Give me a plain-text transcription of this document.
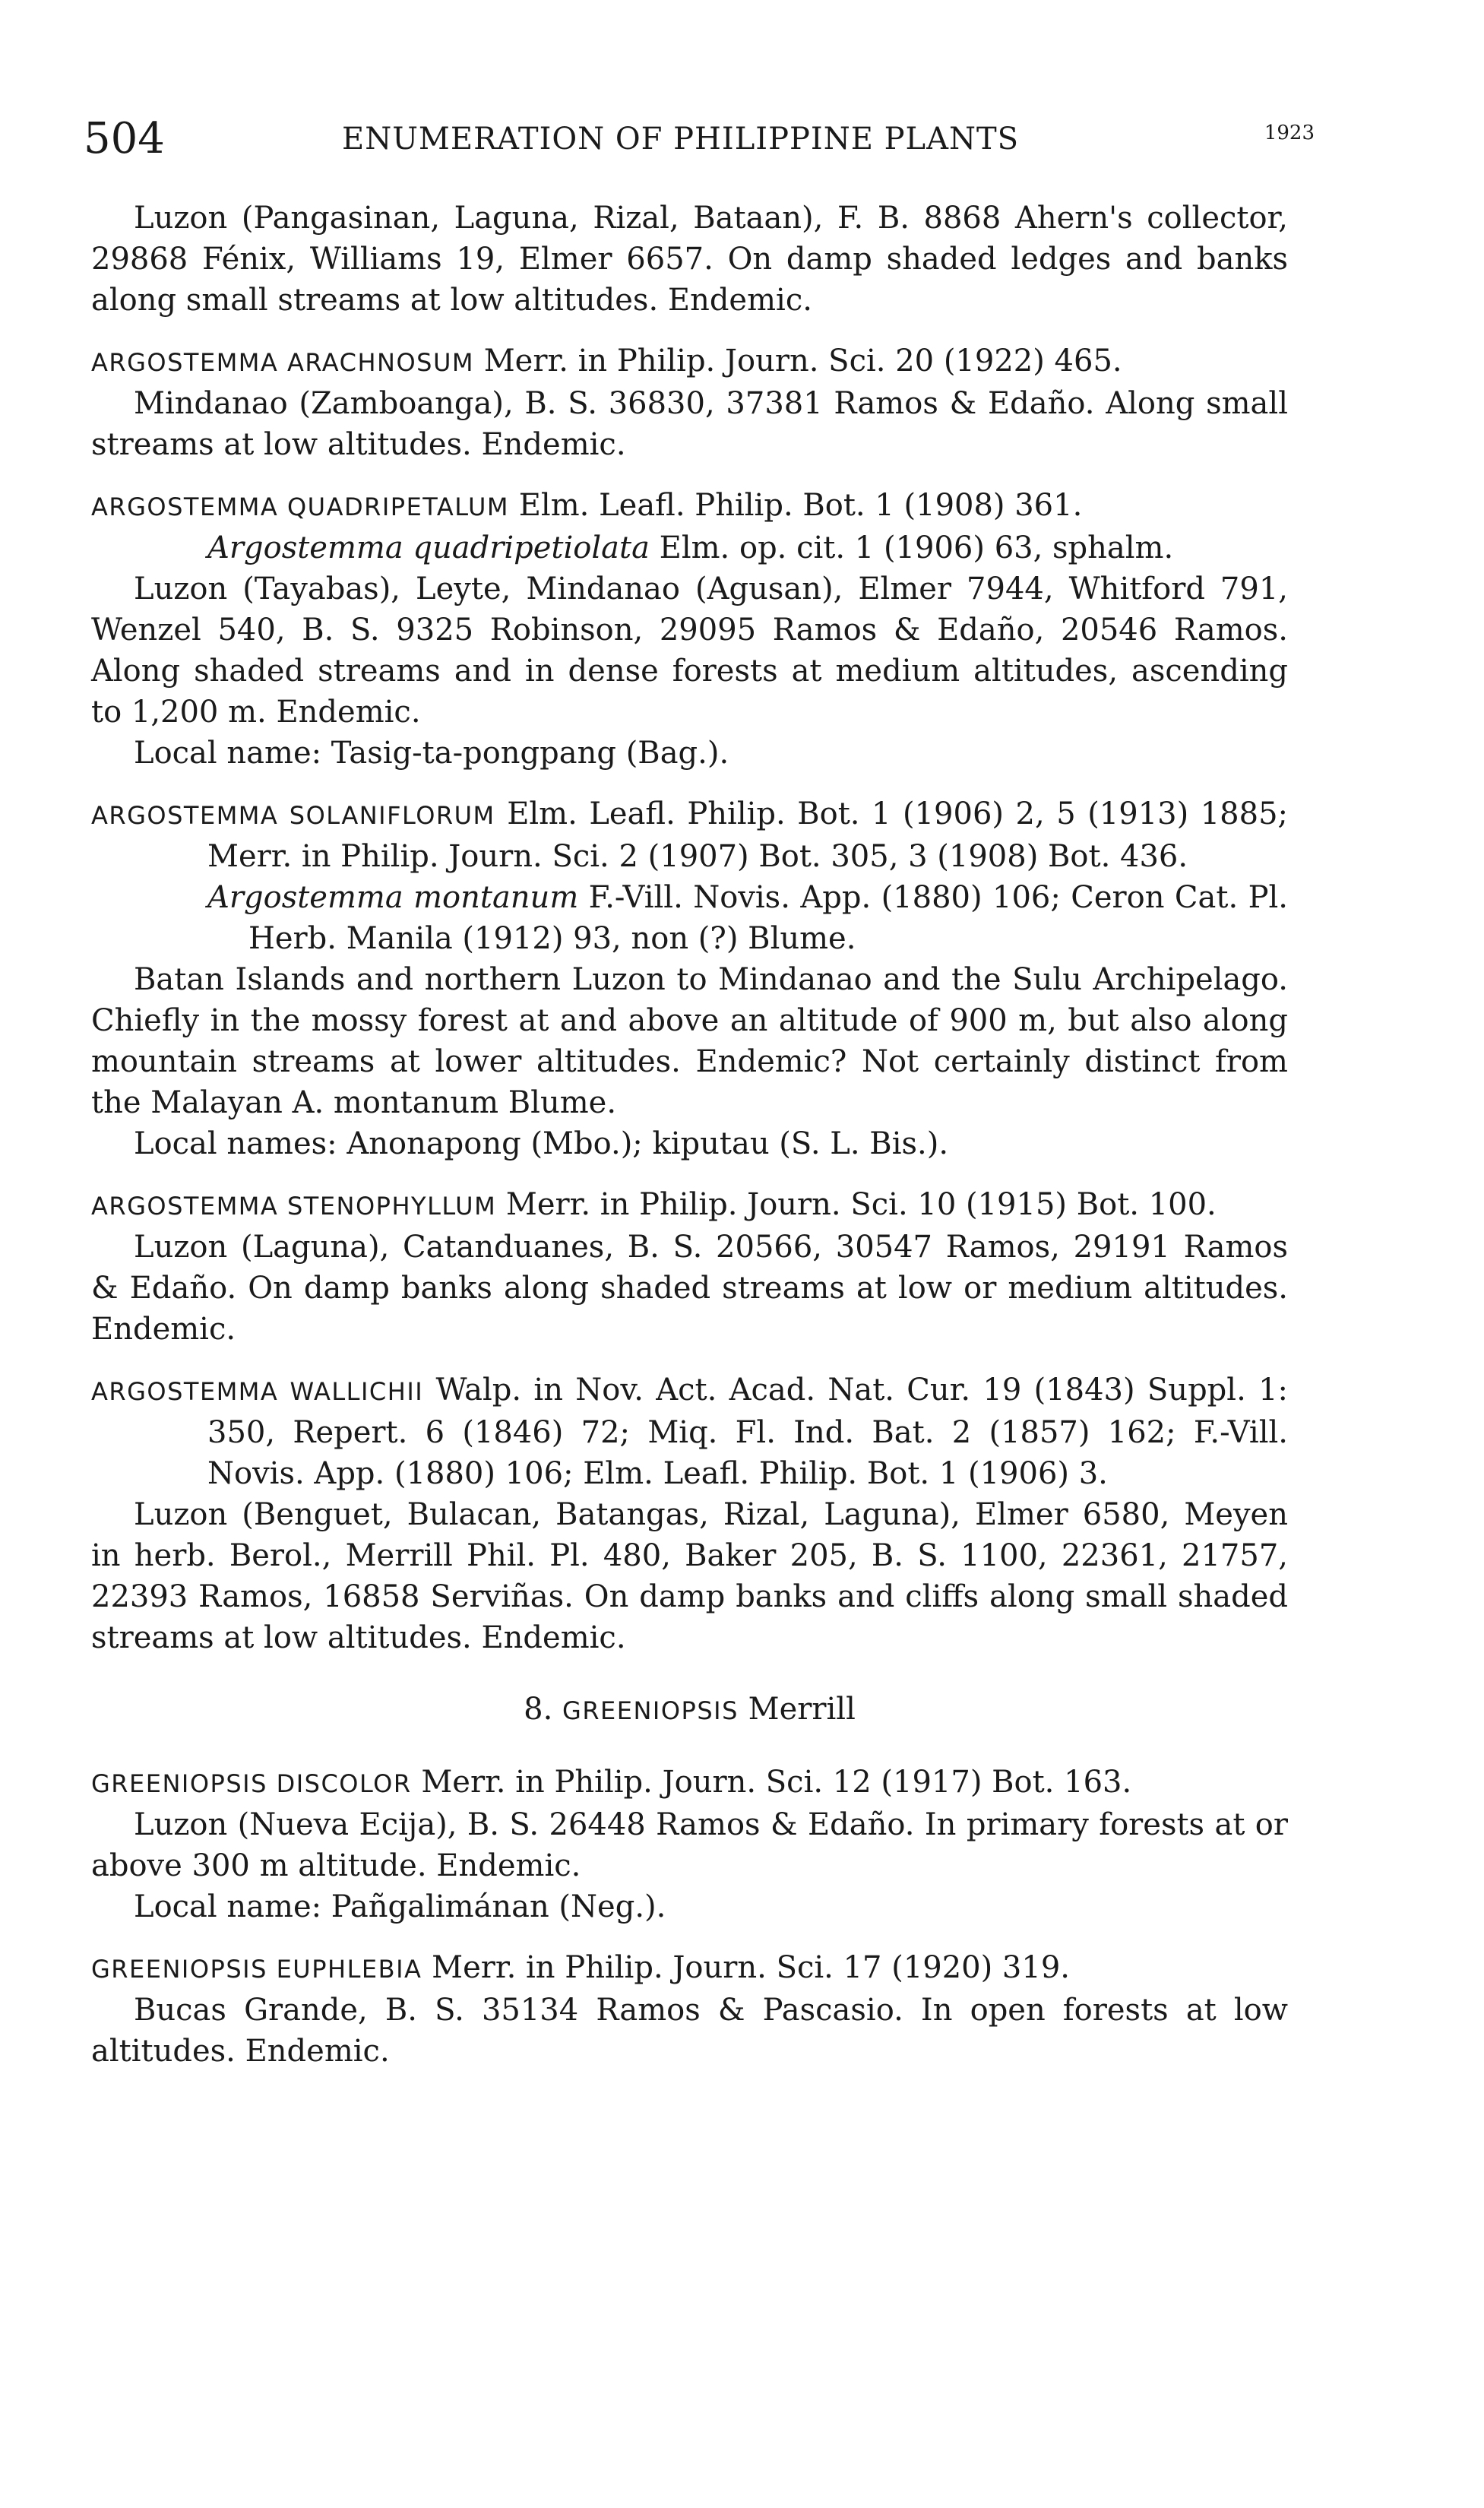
504	ENUMERATION OF PHILIPPINE PLANTS	1923

Luzon (Pangasinan, Laguna, Rizal, Bataan), F. B. 8868 Ahern's collector, 29868 Fénix, Williams 19, Elmer 6657. On damp shaded ledges and banks along small streams at low altitudes. Endemic.

ARGOSTEMMA ARACHNOSUM Merr. in Philip. Journ. Sci. 20 (1922) 465.

Mindanao (Zamboanga), B. S. 36830, 37381 Ramos & Edaño. Along small streams at low altitudes. Endemic.

ARGOSTEMMA QUADRIPETALUM Elm. Leafl. Philip. Bot. 1 (1908) 361.

Argostemma quadripetiolata Elm. op. cit. 1 (1906) 63, sphalm.

Luzon (Tayabas), Leyte, Mindanao (Agusan), Elmer 7944, Whitford 791, Wenzel 540, B. S. 9325 Robinson, 29095 Ramos & Edaño, 20546 Ramos. Along shaded streams and in dense forests at medium altitudes, ascending to 1,200 m. Endemic.

Local name: Tasig-ta-pongpang (Bag.).

ARGOSTEMMA SOLANIFLORUM Elm. Leafl. Philip. Bot. 1 (1906) 2, 5 (1913) 1885; Merr. in Philip. Journ. Sci. 2 (1907) Bot. 305, 3 (1908) Bot. 436.

Argostemma montanum F.-Vill. Novis. App. (1880) 106; Ceron Cat. Pl. Herb. Manila (1912) 93, non (?) Blume.

Batan Islands and northern Luzon to Mindanao and the Sulu Archipelago. Chiefly in the mossy forest at and above an altitude of 900 m, but also along mountain streams at lower altitudes. Endemic? Not certainly distinct from the Malayan A. montanum Blume.

Local names: Anonapong (Mbo.); kiputau (S. L. Bis.).

ARGOSTEMMA STENOPHYLLUM Merr. in Philip. Journ. Sci. 10 (1915) Bot. 100.

Luzon (Laguna), Catanduanes, B. S. 20566, 30547 Ramos, 29191 Ramos & Edaño. On damp banks along shaded streams at low or medium altitudes. Endemic.

ARGOSTEMMA WALLICHII Walp. in Nov. Act. Acad. Nat. Cur. 19 (1843) Suppl. 1: 350, Repert. 6 (1846) 72; Miq. Fl. Ind. Bat. 2 (1857) 162; F.-Vill. Novis. App. (1880) 106; Elm. Leafl. Philip. Bot. 1 (1906) 3.

Luzon (Benguet, Bulacan, Batangas, Rizal, Laguna), Elmer 6580, Meyen in herb. Berol., Merrill Phil. Pl. 480, Baker 205, B. S. 1100, 22361, 21757, 22393 Ramos, 16858 Serviñas. On damp banks and cliffs along small shaded streams at low altitudes. Endemic.

8. GREENIOPSIS Merrill

GREENIOPSIS DISCOLOR Merr. in Philip. Journ. Sci. 12 (1917) Bot. 163.

Luzon (Nueva Ecija), B. S. 26448 Ramos & Edaño. In primary forests at or above 300 m altitude. Endemic.

Local name: Pañgalimánan (Neg.).

GREENIOPSIS EUPHLEBIA Merr. in Philip. Journ. Sci. 17 (1920) 319.

Bucas Grande, B. S. 35134 Ramos & Pascasio. In open forests at low altitudes. Endemic.
